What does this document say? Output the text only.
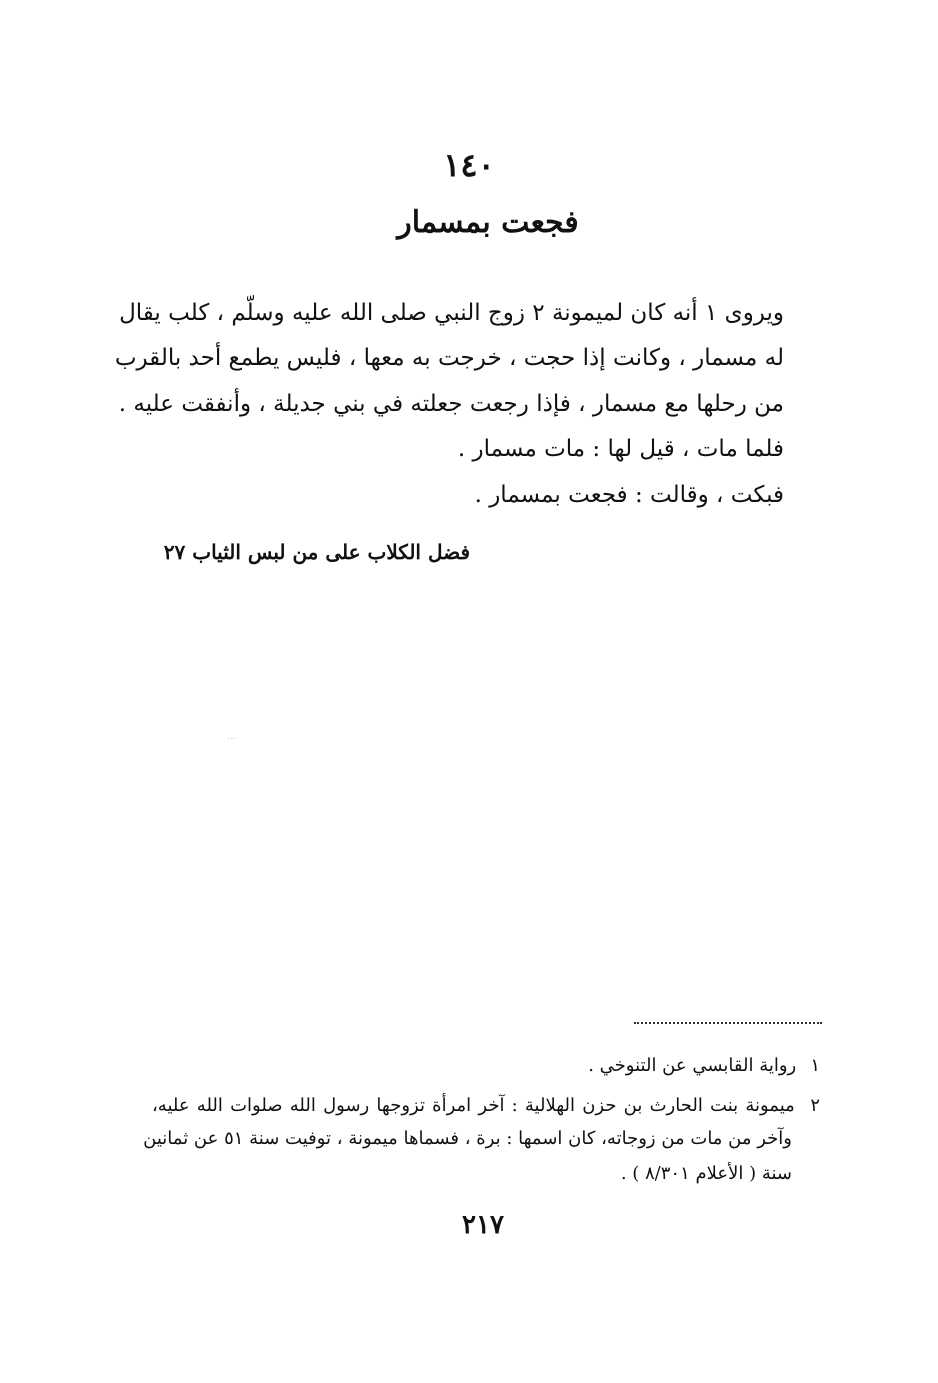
١٤٠
فجعت بمسمار
ويروى ١ أنه كان لميمونة ٢ زوج النبي صلى الله عليه وسلّم ، كلب يقال
له مسمار ، وكانت إذا حجت ، خرجت به معها ، فليس يطمع أحد بالقرب
من رحلها مع مسمار ، فإذا رجعت جعلته في بني جديلة ، وأنفقت عليه .
فلما مات ، قيل لها : مات مسمار .
فبكت ، وقالت : فجعت بمسمار .
فضل الكلاب على من لبس الثياب ٢٧
٠٠٠
١ رواية القابسي عن التنوخي .
٢ ميمونة بنت الحارث بن حزن الهلالية : آخر امرأة تزوجها رسول الله صلوات الله عليه،
وآخر من مات من زوجاته، كان اسمها : برة ، فسماها ميمونة ، توفيت سنة ٥١ عن ثمانين
سنة ( الأعلام ٨/٣٠١ ) .
٢١٧
